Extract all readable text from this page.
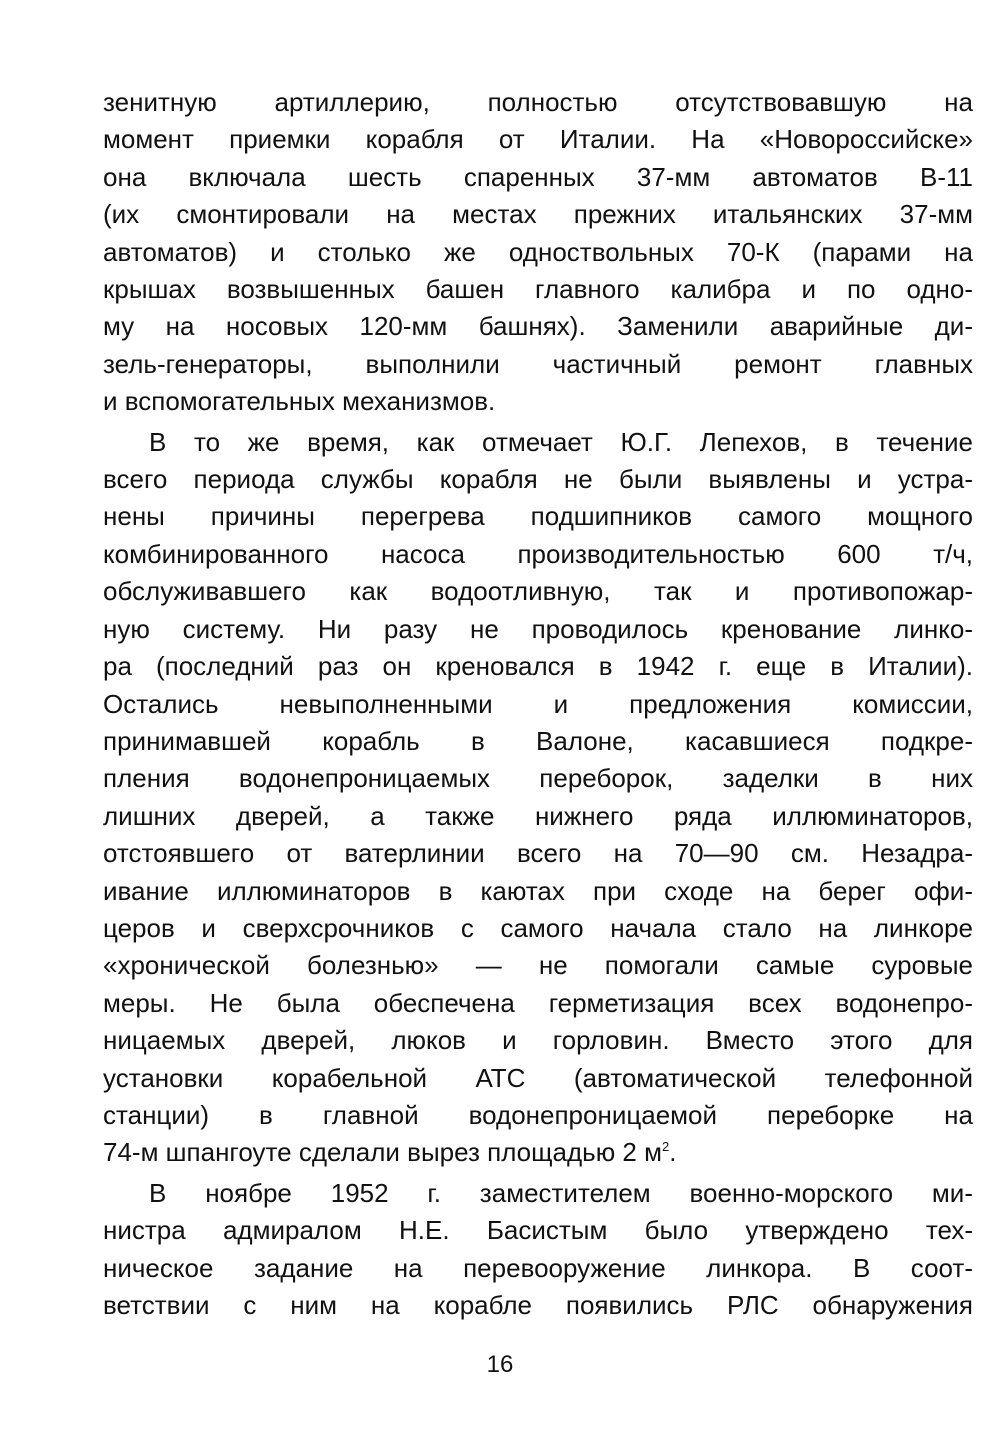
зенитную артиллерию, полностью отсутствовавшую на
момент приемки корабля от Италии. На «Новороссийске»
она включала шесть спаренных 37-мм автоматов В-11
(их смонтировали на местах прежних итальянских 37-мм
автоматов) и столько же одноствольных 70-К (парами на
крышах возвышенных башен главного калибра и по одно-
му на носовых 120-мм башнях). Заменили аварийные ди-
зель-генераторы, выполнили частичный ремонт главных
и вспомогательных механизмов.
В то же время, как отмечает Ю.Г. Лепехов, в течение
всего периода службы корабля не были выявлены и устра-
нены причины перегрева подшипников самого мощного
комбинированного насоса производительностью 600 т/ч,
обслуживавшего как водоотливную, так и противопожар-
ную систему. Ни разу не проводилось кренование линко-
ра (последний раз он креновался в 1942 г. еще в Италии).
Остались невыполненными и предложения комиссии,
принимавшей корабль в Валоне, касавшиеся подкре-
пления водонепроницаемых переборок, заделки в них
лишних дверей, а также нижнего ряда иллюминаторов,
отстоявшего от ватерлинии всего на 70—90 см. Незадра-
ивание иллюминаторов в каютах при сходе на берег офи-
церов и сверхсрочников с самого начала стало на линкоре
«хронической болезнью» — не помогали самые суровые
меры. Не была обеспечена герметизация всех водонепро-
ницаемых дверей, люков и горловин. Вместо этого для
установки корабельной АТС (автоматической телефонной
станции) в главной водонепроницаемой переборке на
74-м шпангоуте сделали вырез площадью 2 $м^2$.
В ноябре 1952 г. заместителем военно-морского ми-
нистра адмиралом Н.Е. Басистым было утверждено тех-
ническое задание на перевооружение линкора. В соот-
ветствии с ним на корабле появились РЛС обнаружения
16
